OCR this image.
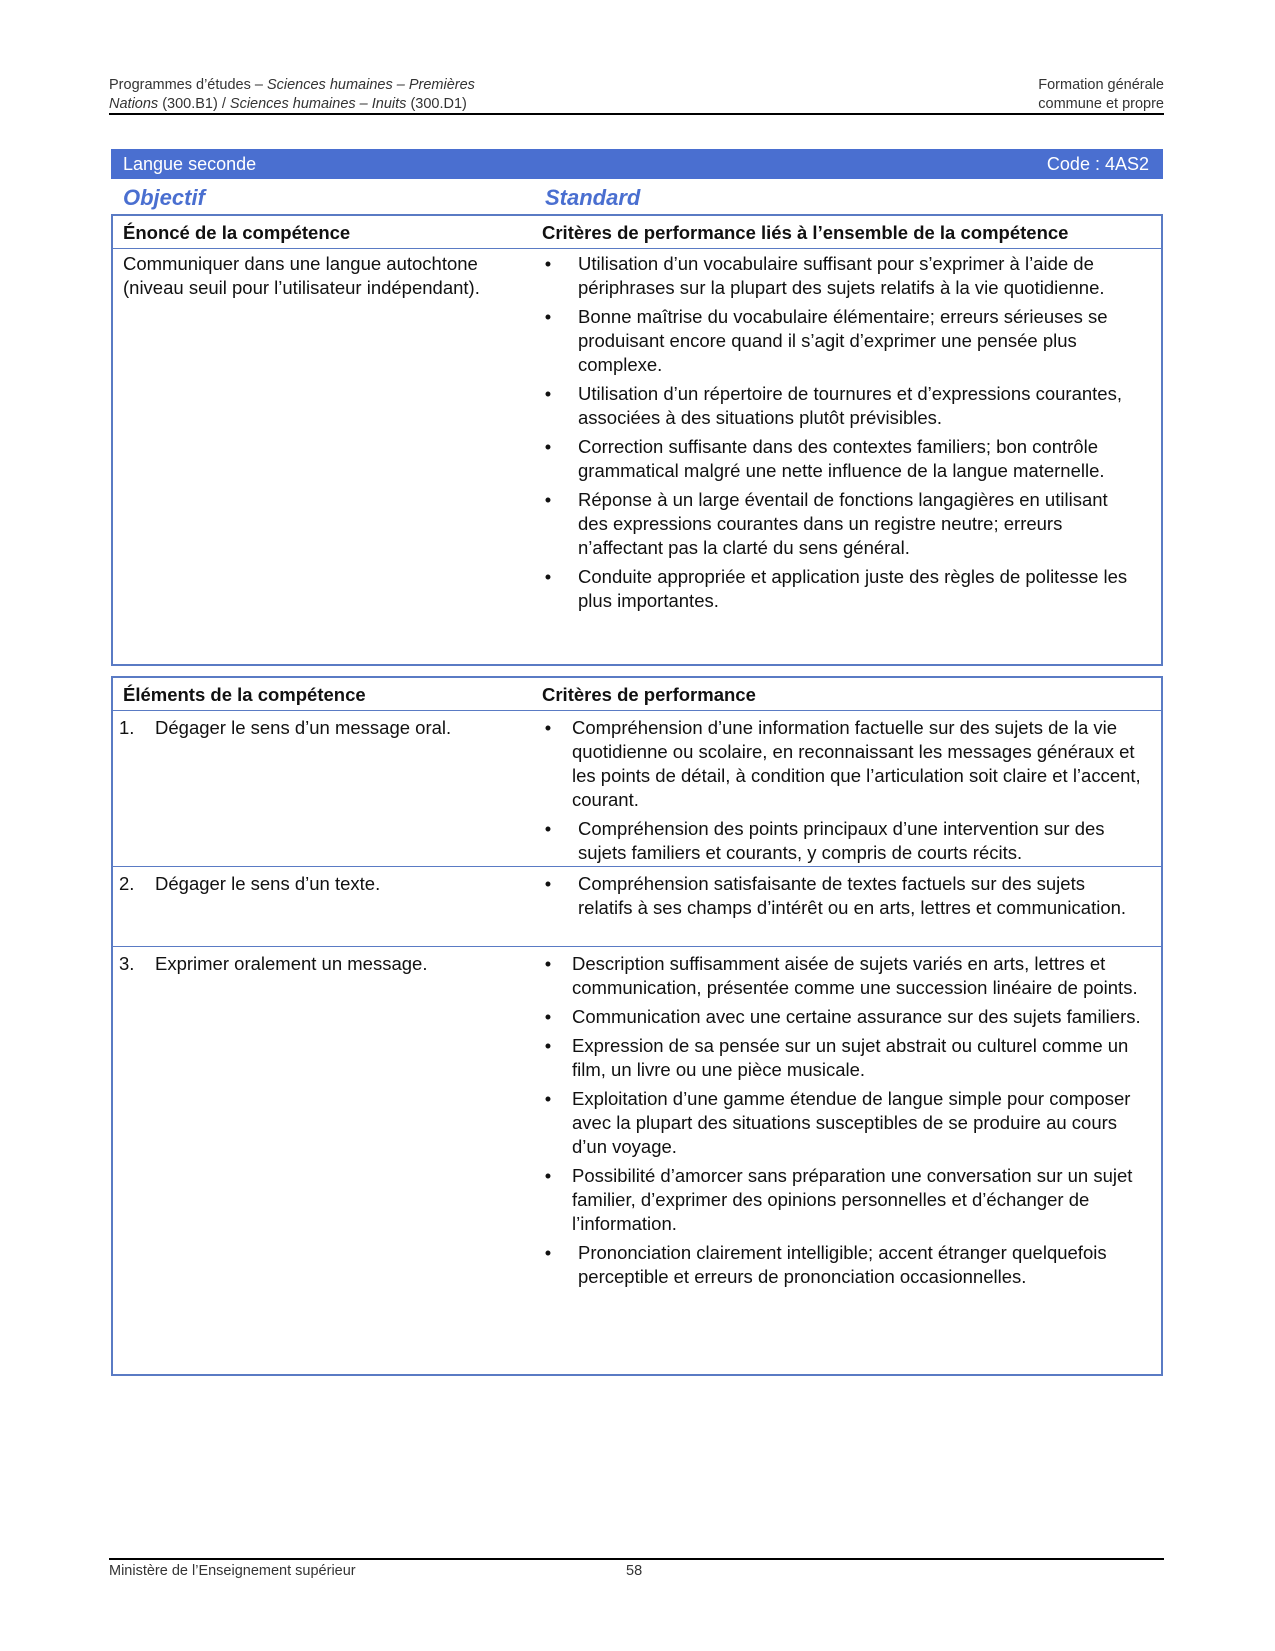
Programmes d’études – Sciences humaines – Premières	Formation générale
Nations (300.B1) / Sciences humaines – Inuits (300.D1)	commune et propre
Langue seconde	Code : 4AS2
Objectif	Standard
Énoncé de la compétence	Critères de performance liés à l’ensemble de la compétence
Communiquer dans une langue autochtone (niveau seuil pour l’utilisateur indépendant).
• Utilisation d’un vocabulaire suffisant pour s’exprimer à l’aide de périphrases sur la plupart des sujets relatifs à la vie quotidienne.
• Bonne maîtrise du vocabulaire élémentaire; erreurs sérieuses se produisant encore quand il s’agit d’exprimer une pensée plus complexe.
• Utilisation d’un répertoire de tournures et d’expressions courantes, associées à des situations plutôt prévisibles.
• Correction suffisante dans des contextes familiers; bon contrôle grammatical malgré une nette influence de la langue maternelle.
• Réponse à un large éventail de fonctions langagières en utilisant des expressions courantes dans un registre neutre; erreurs n’affectant pas la clarté du sens général.
• Conduite appropriée et application juste des règles de politesse les plus importantes.
Éléments de la compétence	Critères de performance
1. Dégager le sens d’un message oral.	• Compréhension d’une information factuelle sur des sujets de la vie quotidienne ou scolaire, en reconnaissant les messages généraux et les points de détail, à condition que l’articulation soit claire et l’accent, courant.
• Compréhension des points principaux d’une intervention sur des sujets familiers et courants, y compris de courts récits.
2. Dégager le sens d’un texte.	• Compréhension satisfaisante de textes factuels sur des sujets relatifs à ses champs d’intérêt ou en arts, lettres et communication.
3. Exprimer oralement un message.	• Description suffisamment aisée de sujets variés en arts, lettres et communication, présentée comme une succession linéaire de points.
• Communication avec une certaine assurance sur des sujets familiers.
• Expression de sa pensée sur un sujet abstrait ou culturel comme un film, un livre ou une pièce musicale.
• Exploitation d’une gamme étendue de langue simple pour composer avec la plupart des situations susceptibles de se produire au cours d’un voyage.
• Possibilité d’amorcer sans préparation une conversation sur un sujet familier, d’exprimer des opinions personnelles et d’échanger de l’information.
• Prononciation clairement intelligible; accent étranger quelquefois perceptible et erreurs de prononciation occasionnelles.
Ministère de l’Enseignement supérieur	58
